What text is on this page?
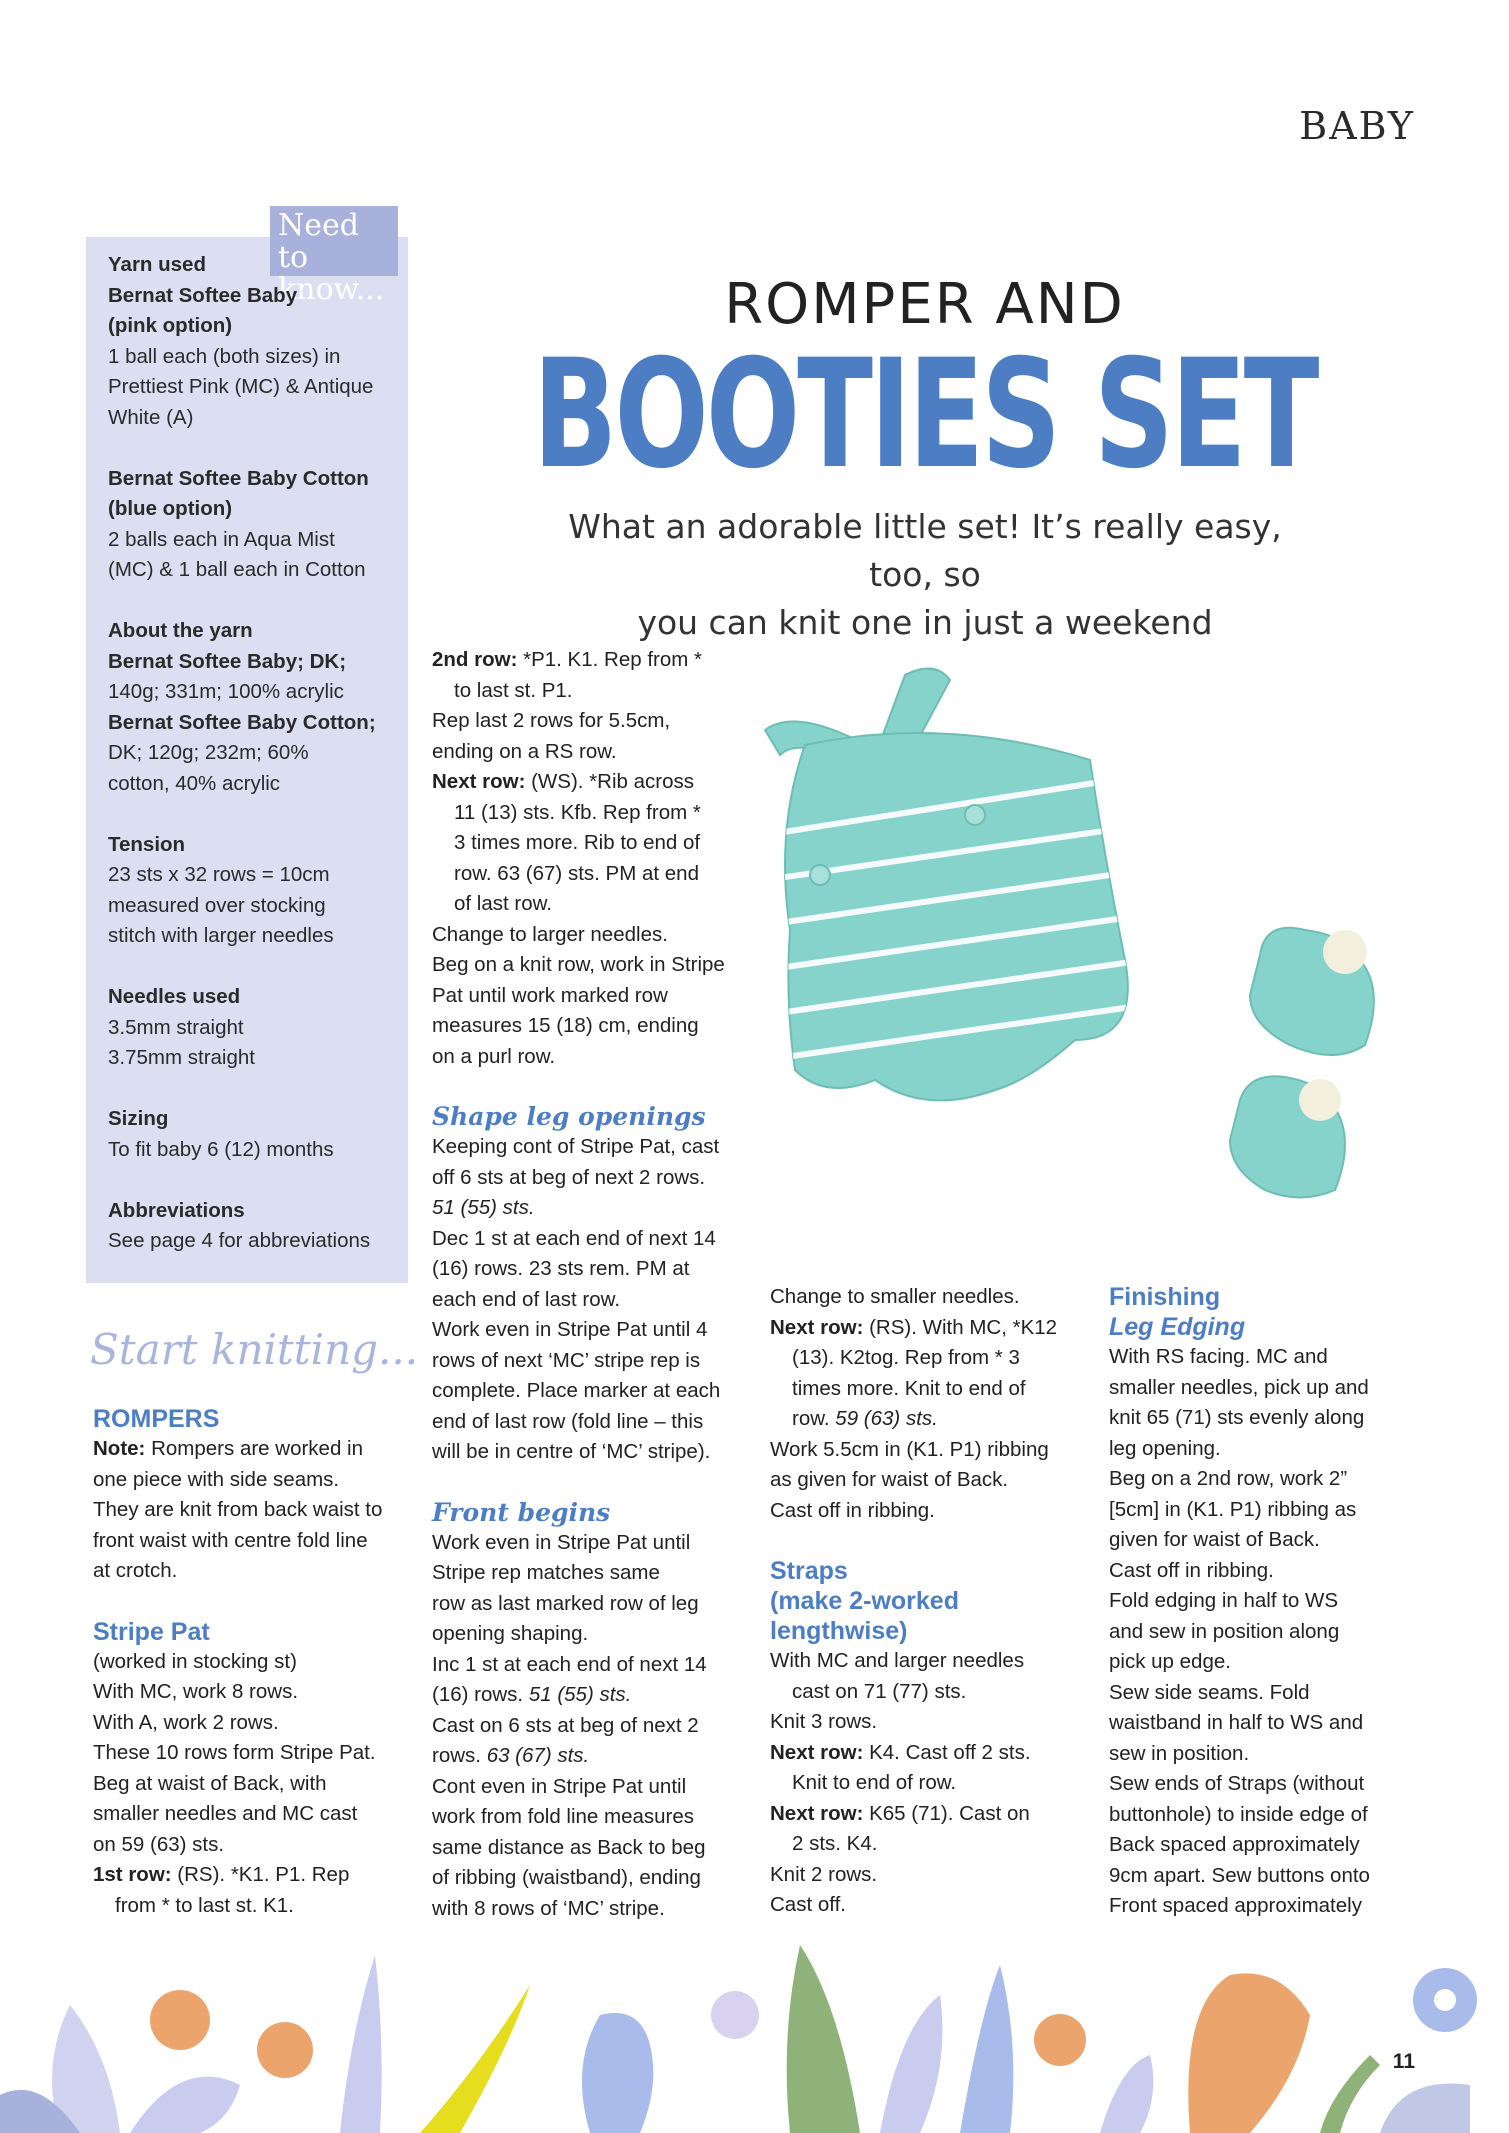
BABY
Need to
know...
Yarn used
Bernat Softee Baby
(pink option)
1 ball each (both sizes) in
Prettiest Pink (MC) & Antique
White (A)
Bernat Softee Baby Cotton
(blue option)
2 balls each in Aqua Mist
(MC) & 1 ball each in Cotton
About the yarn
Bernat Softee Baby; DK;
140g; 331m; 100% acrylic
Bernat Softee Baby Cotton;
DK; 120g; 232m; 60%
cotton, 40% acrylic
Tension
23 sts x 32 rows = 10cm
measured over stocking
stitch with larger needles
Needles used
3.5mm straight
3.75mm straight
Sizing
To fit baby 6 (12) months
Abbreviations
See page 4 for abbreviations
ROMPER AND
BOOTIES SET
What an adorable little set! It’s really easy, too, so
you can knit one in just a weekend
Start knitting...
ROMPERS
Note: Rompers are worked in
one piece with side seams.
They are knit from back waist to
front waist with centre fold line
at crotch.
Stripe Pat
(worked in stocking st)
With MC, work 8 rows.
With A, work 2 rows.
These 10 rows form Stripe Pat.
Beg at waist of Back, with
smaller needles and MC cast
on 59 (63) sts.
1st row: (RS). *K1. P1. Rep
from * to last st. K1.
2nd row: *P1. K1. Rep from *
to last st. P1.
Rep last 2 rows for 5.5cm,
ending on a RS row.
Next row: (WS). *Rib across
11 (13) sts. Kfb. Rep from *
3 times more. Rib to end of
row. 63 (67) sts. PM at end
of last row.
Change to larger needles.
Beg on a knit row, work in Stripe
Pat until work marked row
measures 15 (18) cm, ending
on a purl row.
Shape leg openings
Keeping cont of Stripe Pat, cast
off 6 sts at beg of next 2 rows.
51 (55) sts.
Dec 1 st at each end of next 14
(16) rows. 23 sts rem. PM at
each end of last row.
Work even in Stripe Pat until 4
rows of next ‘MC’ stripe rep is
complete. Place marker at each
end of last row (fold line – this
will be in centre of ‘MC’ stripe).
Front begins
Work even in Stripe Pat until
Stripe rep matches same
row as last marked row of leg
opening shaping.
Inc 1 st at each end of next 14
(16) rows. 51 (55) sts.
Cast on 6 sts at beg of next 2
rows. 63 (67) sts.
Cont even in Stripe Pat until
work from fold line measures
same distance as Back to beg
of ribbing (waistband), ending
with 8 rows of ‘MC’ stripe.
Change to smaller needles.
Next row: (RS). With MC, *K12
(13). K2tog. Rep from * 3
times more. Knit to end of
row. 59 (63) sts.
Work 5.5cm in (K1. P1) ribbing
as given for waist of Back.
Cast off in ribbing.
Straps
(make 2-worked
lengthwise)
With MC and larger needles
cast on 71 (77) sts.
Knit 3 rows.
Next row: K4. Cast off 2 sts.
Knit to end of row.
Next row: K65 (71). Cast on
2 sts. K4.
Knit 2 rows.
Cast off.
Finishing
Leg Edging
With RS facing. MC and
smaller needles, pick up and
knit 65 (71) sts evenly along
leg opening.
Beg on a 2nd row, work 2”
[5cm] in (K1. P1) ribbing as
given for waist of Back.
Cast off in ribbing.
Fold edging in half to WS
and sew in position along
pick up edge.
Sew side seams. Fold
waistband in half to WS and
sew in position.
Sew ends of Straps (without
buttonhole) to inside edge of
Back spaced approximately
9cm apart. Sew buttons onto
Front spaced approximately
11
